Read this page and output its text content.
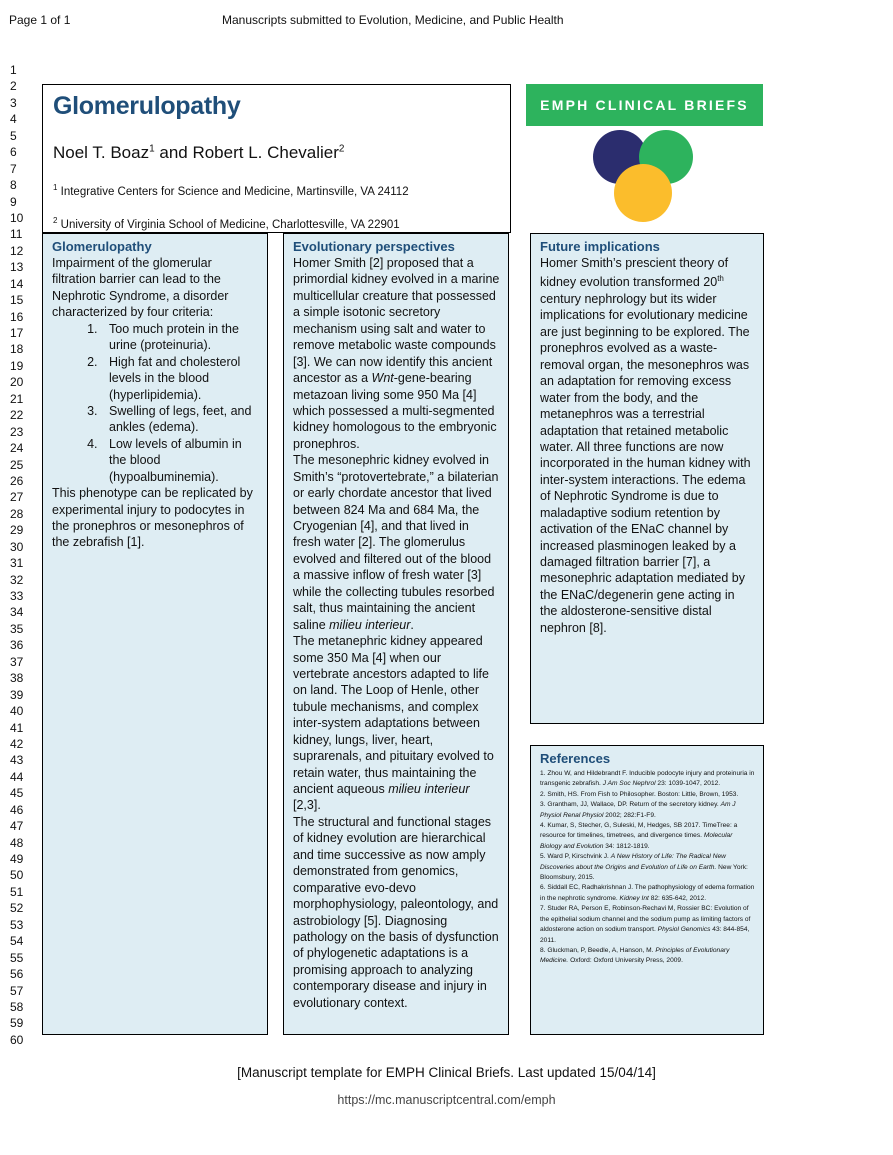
Page 1 of 1	Manuscripts submitted to Evolution, Medicine, and Public Health
1
2
3
4
5
6
7
8
9
10
11
12
13
14
15
16
17
18
19
20
21
22
23
24
25
26
27
28
29
30
31
32
33
34
35
36
37
38
39
40
41
42
43
44
45
46
47
48
49
50
51
52
53
54
55
56
57
58
59
60
Glomerulopathy
Noel T. Boaz$^1$ and Robert L. Chevalier$^2$
$^1$ Integrative Centers for Science and Medicine, Martinsville, VA 24112
$^2$ University of Virginia School of Medicine, Charlottesville, VA 22901
EMPH CLINICAL BRIEFS
Glomerulopathy

Impairment of the glomerular filtration barrier can lead to the Nephrotic Syndrome, a disorder characterized by four criteria:

1. Too much protein in the urine (proteinuria).
2. High fat and cholesterol levels in the blood (hyperlipidemia).
3. Swelling of legs, feet, and ankles (edema).
4. Low levels of albumin in the blood (hypoalbuminemia).

This phenotype can be replicated by experimental injury to podocytes in the pronephros or mesonephros of the zebrafish [1].

Evolutionary perspectives

Homer Smith [2] proposed that a primordial kidney evolved in a marine multicellular creature that possessed a simple isotonic secretory mechanism using salt and water to remove metabolic waste compounds [3]. We can now identify this ancient ancestor as a Wnt-gene-bearing metazoan living some 950 Ma [4] which possessed a multi-segmented kidney homologous to the embryonic pronephros.

The mesonephric kidney evolved in Smith’s “protovertebrate,” a bilaterian or early chordate ancestor that lived between 824 Ma and 684 Ma, the Cryogenian [4], and that lived in fresh water [2]. The glomerulus evolved and filtered out of the blood a massive inflow of fresh water [3] while the collecting tubules resorbed salt, thus maintaining the ancient saline milieu interieur.

The metanephric kidney appeared some 350 Ma [4] when our vertebrate ancestors adapted to life on land. The Loop of Henle, other tubule mechanisms, and complex inter-system adaptations between kidney, lungs, liver, heart, suprarenals, and pituitary evolved to retain water, thus maintaining the ancient aqueous milieu interieur [2,3].

The structural and functional stages of kidney evolution are hierarchical and time successive as now amply demonstrated from genomics, comparative evo-devo morphophysiology, paleontology, and astrobiology [5]. Diagnosing pathology on the basis of dysfunction of phylogenetic adaptations is a promising approach to analyzing contemporary disease and injury in evolutionary context.

Future implications

Homer Smith’s prescient theory of kidney evolution transformed 20th century nephrology but its wider implications for evolutionary medicine are just beginning to be explored. The pronephros evolved as a waste-removal organ, the mesonephros was an adaptation for removing excess water from the body, and the metanephros was a terrestrial adaptation that retained metabolic water. All three functions are now incorporated in the human kidney with inter-system interactions. The edema of Nephrotic Syndrome is due to maladaptive sodium retention by activation of the ENaC channel by increased plasminogen leaked by a damaged filtration barrier [7], a mesonephric adaptation mediated by the ENaC/degenerin gene acting in the aldosterone-sensitive distal nephron [8].

References

1. Zhou W, and Hildebrandt F. Inducible podocyte injury and proteinuria in transgenic zebrafish. J Am Soc Nephrol 23: 1039-1047, 2012.

2. Smith, HS. From Fish to Philosopher. Boston: Little, Brown, 1953.

3. Grantham, JJ, Wallace, DP. Return of the secretory kidney. Am J Physiol Renal Physiol 2002; 282:F1-F9.

4. Kumar, S, Stecher, G, Suleski, M, Hedges, SB 2017. TimeTree: a resource for timelines, timetrees, and divergence times. Molecular Biology and Evolution 34: 1812-1819.

5. Ward P, Kirschvink J. A New History of Life: The Radical New Discoveries about the Origins and Evolution of Life on Earth. New York: Bloomsbury, 2015.

6. Siddall EC, Radhakrishnan J. The pathophysiology of edema formation in the nephrotic syndrome. Kidney Int 82: 635-642, 2012.

7. Studer RA, Person E, Robinson-Rechavi M, Rossier BC: Evolution of the epithelial sodium channel and the sodium pump as limiting factors of aldosterone action on sodium transport. Physiol Genomics 43: 844-854, 2011.

8. Gluckman, P, Beedle, A, Hanson, M. Principles of Evolutionary Medicine. Oxford: Oxford University Press, 2009.

[Manuscript template for EMPH Clinical Briefs. Last updated 15/04/14]
https://mc.manuscriptcentral.com/emph
